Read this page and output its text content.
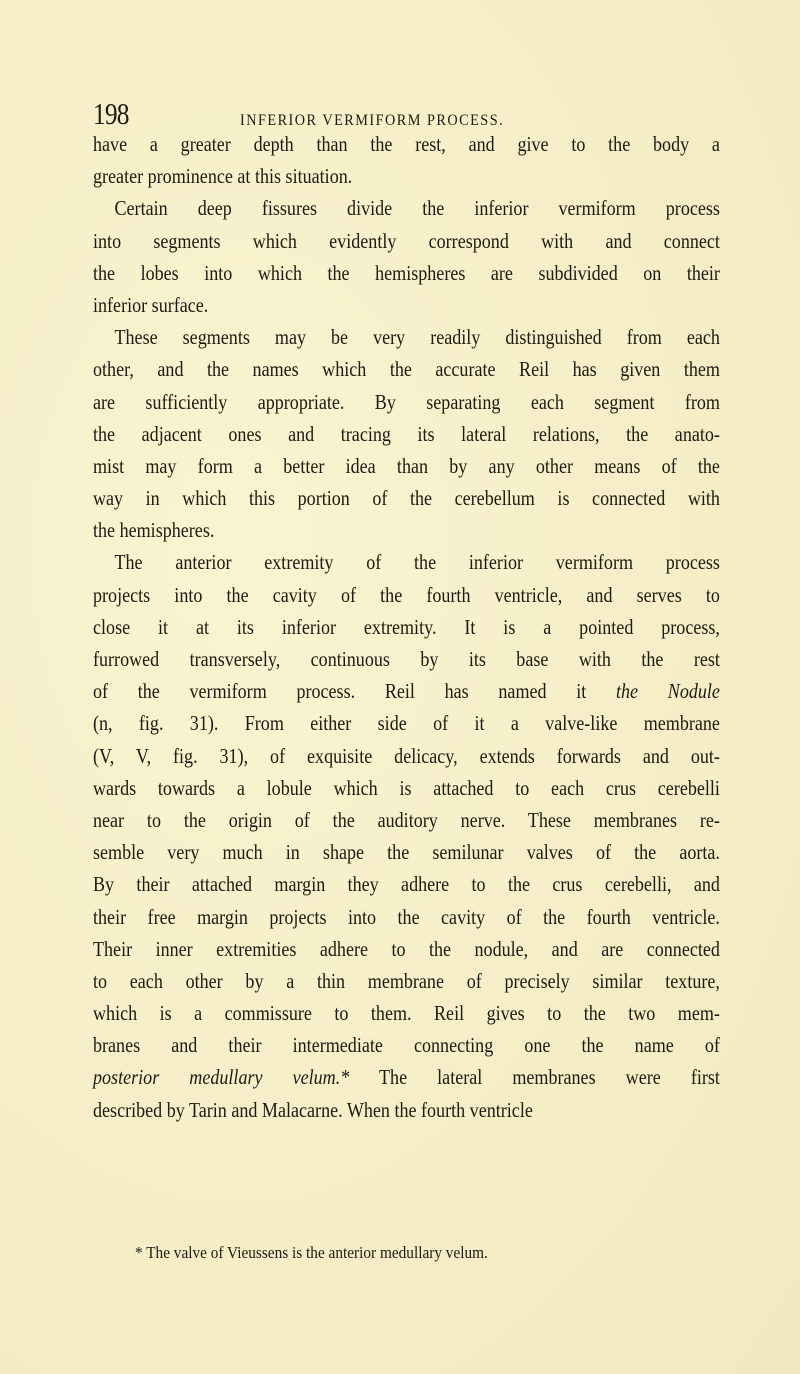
198	INFERIOR VERMIFORM PROCESS.
have a greater depth than the rest, and give to the body a
greater prominence at this situation.
Certain deep fissures divide the inferior vermiform process
into segments which evidently correspond with and connect
the lobes into which the hemispheres are subdivided on their
inferior surface.
These segments may be very readily distinguished from each
other, and the names which the accurate Reil has given them
are sufficiently appropriate. By separating each segment from
the adjacent ones and tracing its lateral relations, the anato-
mist may form a better idea than by any other means of the
way in which this portion of the cerebellum is connected with
the hemispheres.
The anterior extremity of the inferior vermiform process
projects into the cavity of the fourth ventricle, and serves to
close it at its inferior extremity. It is a pointed process,
furrowed transversely, continuous by its base with the rest
of the vermiform process. Reil has named it the Nodule
(n, fig. 31). From either side of it a valve-like membrane
(V, V, fig. 31), of exquisite delicacy, extends forwards and out-
wards towards a lobule which is attached to each crus cerebelli
near to the origin of the auditory nerve. These membranes re-
semble very much in shape the semilunar valves of the aorta.
By their attached margin they adhere to the crus cerebelli, and
their free margin projects into the cavity of the fourth ventricle.
Their inner extremities adhere to the nodule, and are connected
to each other by a thin membrane of precisely similar texture,
which is a commissure to them. Reil gives to the two mem-
branes and their intermediate connecting one the name of
posterior medullary velum.* The lateral membranes were first
described by Tarin and Malacarne. When the fourth ventricle
* The valve of Vieussens is the anterior medullary velum.
